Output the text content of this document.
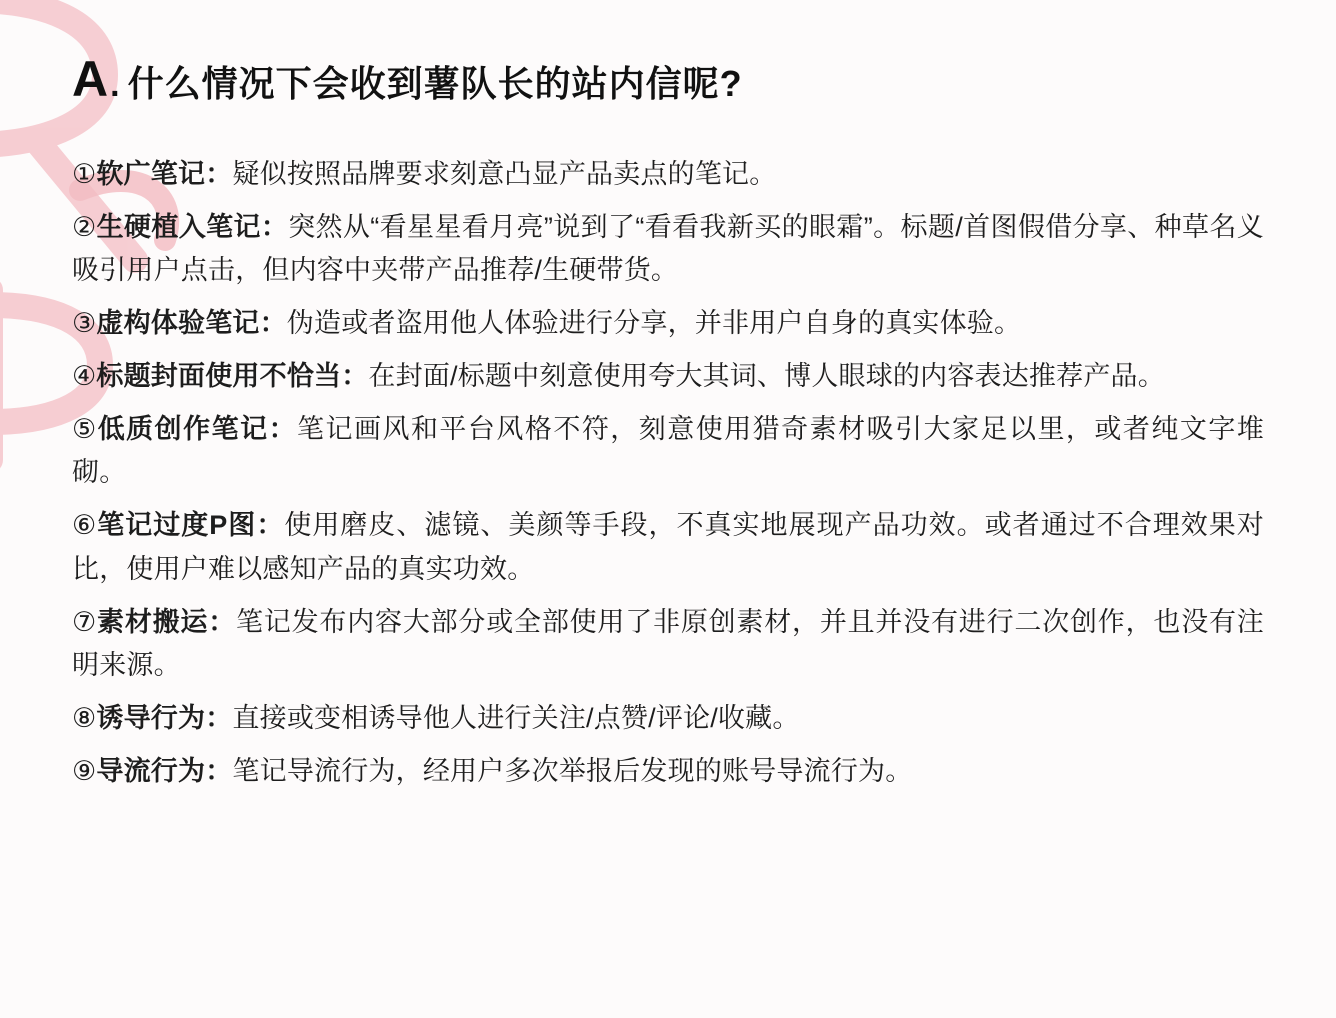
A . 什么情况下会收到薯队长的站内信呢?

①软广笔记：疑似按照品牌要求刻意凸显产品卖点的笔记。

②生硬植入笔记：突然从“看星星看月亮”说到了“看看我新买的眼霜”。标题/首图假借分享、种草名义吸引用户点击，但内容中夹带产品推荐/生硬带货。

③虚构体验笔记：伪造或者盗用他人体验进行分享，并非用户自身的真实体验。

④标题封面使用不恰当：在封面/标题中刻意使用夸大其词、博人眼球的内容表达推荐产品。

⑤低质创作笔记：笔记画风和平台风格不符，刻意使用猎奇素材吸引大家足以里，或者纯文字堆砌。

⑥笔记过度P图：使用磨皮、滤镜、美颜等手段，不真实地展现产品功效。或者通过不合理效果对比，使用户难以感知产品的真实功效。

⑦素材搬运：笔记发布内容大部分或全部使用了非原创素材，并且并没有进行二次创作，也没有注明来源。

⑧诱导行为：直接或变相诱导他人进行关注/点赞/评论/收藏。

⑨导流行为：笔记导流行为，经用户多次举报后发现的账号导流行为。
